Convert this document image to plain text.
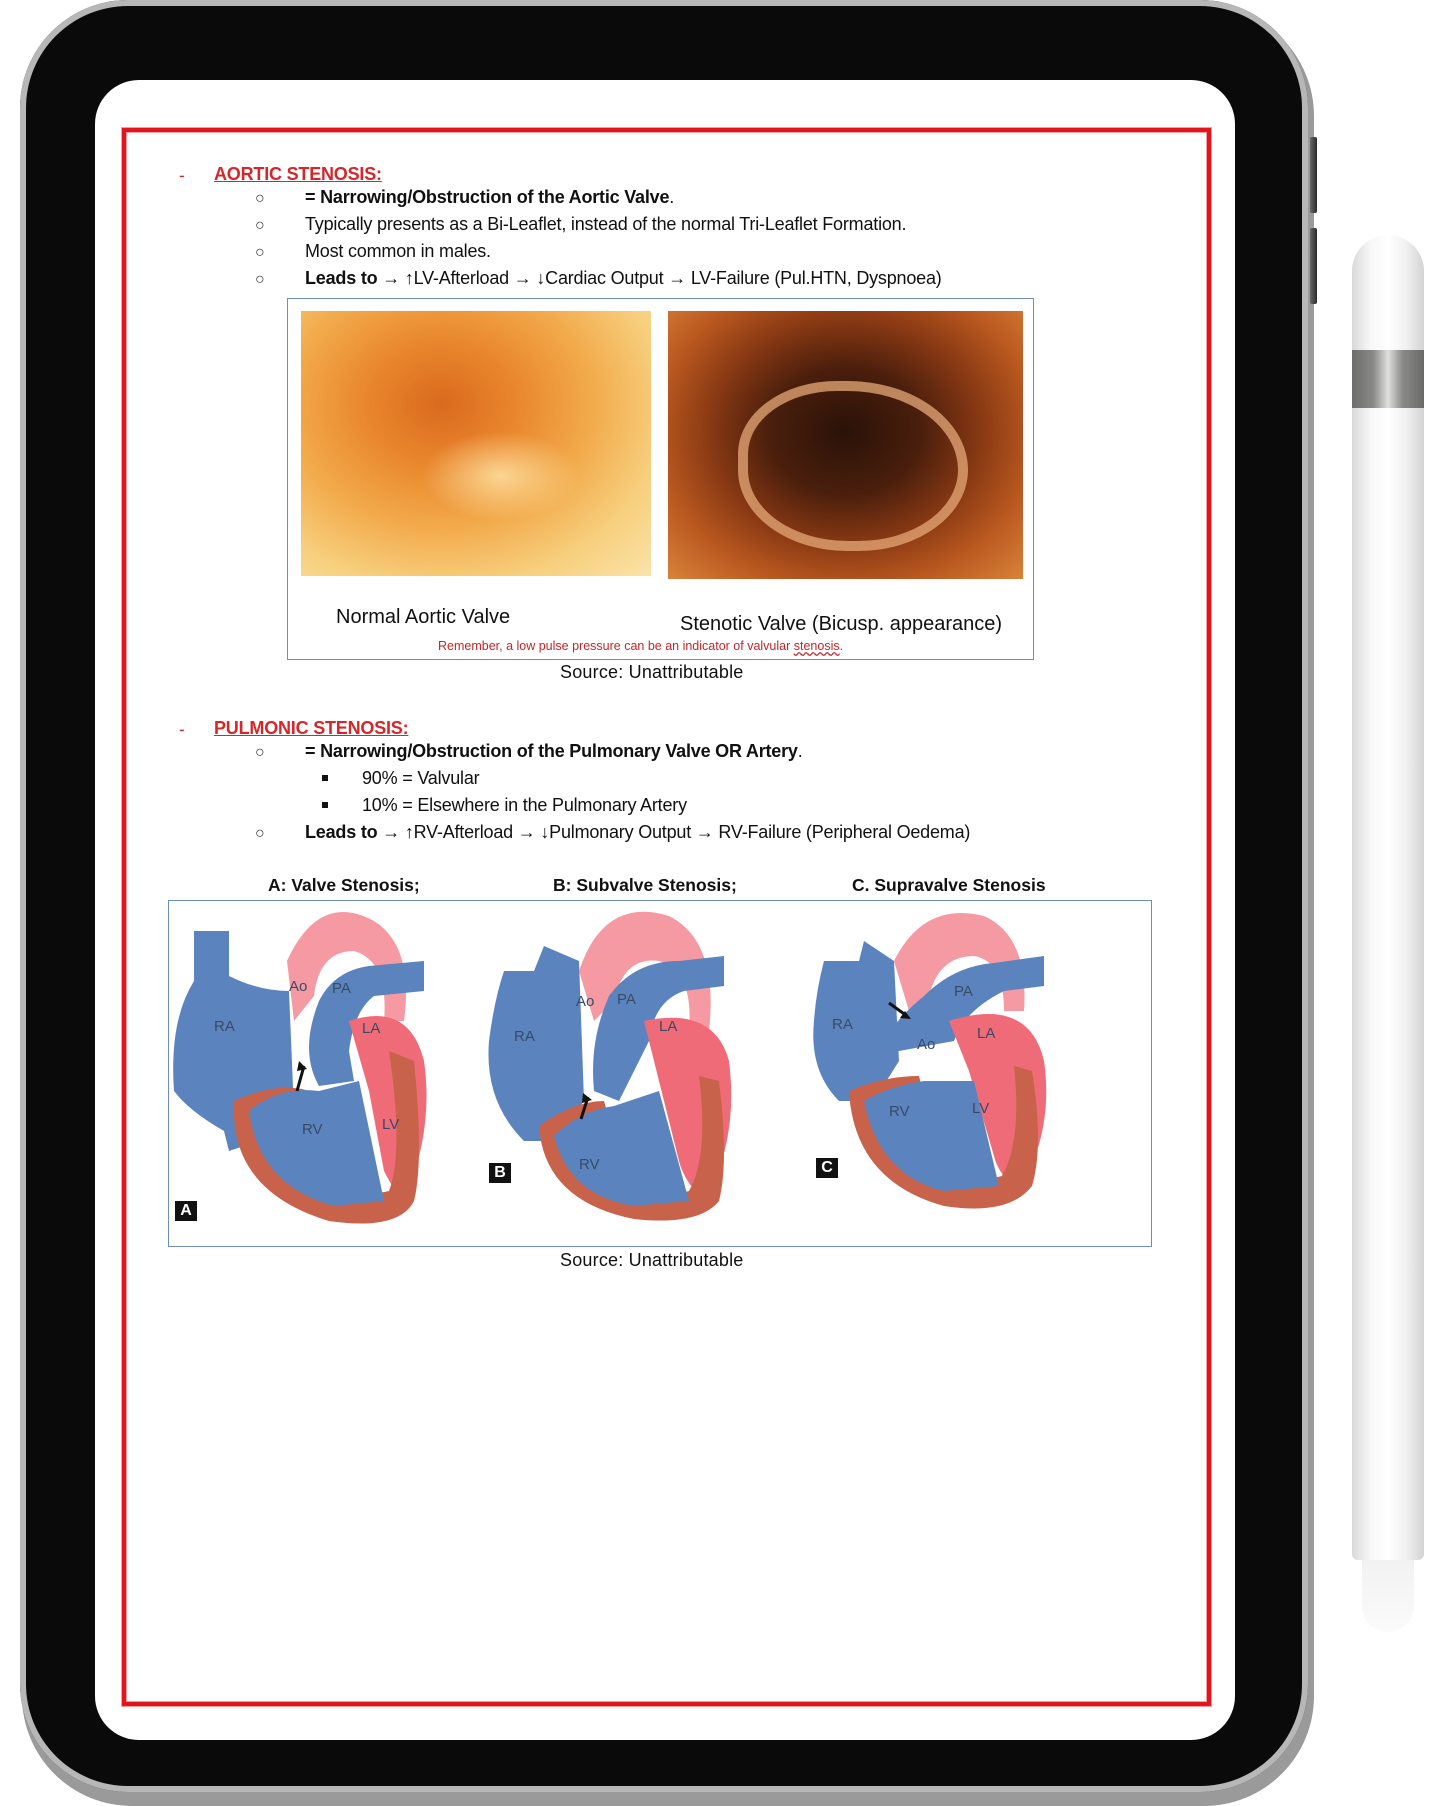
- AORTIC STENOSIS:
○ = Narrowing/Obstruction of the Aortic Valve.
○ Typically presents as a Bi-Leaflet, instead of the normal Tri-Leaflet Formation.
○ Most common in males.
○ Leads to → ↑LV-Afterload → ↓Cardiac Output → LV-Failure (Pul.HTN, Dyspnoea)
Normal Aortic Valve	Stenotic Valve (Bicusp. appearance)
Remember, a low pulse pressure can be an indicator of valvular stenosis.
Source: Unattributable
- PULMONIC STENOSIS:
○ = Narrowing/Obstruction of the Pulmonary Valve OR Artery.
90% = Valvular
10% = Elsewhere in the Pulmonary Artery
○ Leads to → ↑RV-Afterload → ↓Pulmonary Output → RV-Failure (Peripheral Oedema)
A: Valve Stenosis;	B: Subvalve Stenosis;	C. Supravalve Stenosis
RA
Ao PA
LA
RV	LV
A
RA
Ao PA
LA
RV
B
RA
Ao
PA
LA
RV	LV
C
Source: Unattributable
